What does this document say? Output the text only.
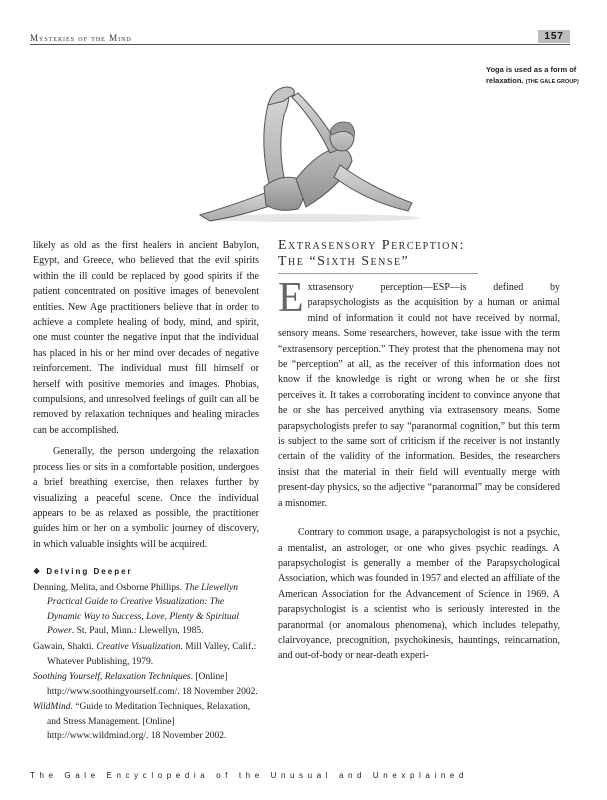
Mysteries of the Mind	157
Yoga is used as a form of relaxation. (THE GALE GROUP)

likely as old as the first healers in ancient Babylon, Egypt, and Greece, who believed that the evil spirits within the ill could be replaced by good spirits if the patient concentrated on positive images of benevolent entities. New Age practitioners believe that in order to achieve a complete healing of body, mind, and spirit, one must counter the negative input that the individual has placed in his or her mind over decades of negative reinforcement. The individual must fill himself or herself with positive memories and images. Phobias, compulsions, and unresolved feelings of guilt can all be removed by relaxation techniques and healing miracles can be accomplished.

Generally, the person undergoing the relaxation process lies or sits in a comfortable position, undergoes a brief breathing exercise, then relaxes further by visualizing a peaceful scene. Once the individual appears to be as relaxed as possible, the practitioner guides him or her on a symbolic journey of discovery, in which valuable insights will be acquired.

❖ Delving Deeper

Denning, Melita, and Osborne Phillips. The Llewellyn Practical Guide to Creative Visualization: The Dynamic Way to Success, Love, Plenty & Spiritual Power. St. Paul, Minn.: Llewellyn, 1985.

Gawain, Shakti. Creative Visualization. Mill Valley, Calif.: Whatever Publishing, 1979.

Soothing Yourself, Relaxation Techniques. [Online] http://www.soothingyourself.com/. 18 November 2002.

WildMind. “Guide to Meditation Techniques, Relaxation, and Stress Management. [Online] http://www.wildmind.org/. 18 November 2002.

Extrasensory Perception:
The “Sixth Sense”

Extrasensory perception—ESP—is defined by parapsychologists as the acquisition by a human or animal mind of information it could not have received by normal, sensory means. Some researchers, however, take issue with the term “extrasensory perception.” They protest that the phenomena may not be “perception” at all, as the receiver of this information does not know if the knowledge is right or wrong when he or she first perceives it. It takes a corroborating incident to convince anyone that he or she has perceived anything via extrasensory means. Some parapsychologists prefer to say “paranormal cognition,” but this term is subject to the same sort of criticism if the receiver is not instantly certain of the validity of the information. Besides, the researchers insist that the material in their field will eventually merge with present-day physics, so the adjective “paranormal” may be considered a misnomer.

Contrary to common usage, a parapsychologist is not a psychic, a mentalist, an astrologer, or one who gives psychic readings. A parapsychologist is generally a member of the Parapsychological Association, which was founded in 1957 and elected an affiliate of the American Association for the Advancement of Science in 1969. A parapsychologist is a scientist who is seriously interested in the paranormal (or anomalous phenomena), which includes telepathy, clairvoyance, precognition, psychokinesis, hauntings, reincarnation, and out-of-body or near-death experi-

The Gale Encyclopedia of the Unusual and Unexplained
